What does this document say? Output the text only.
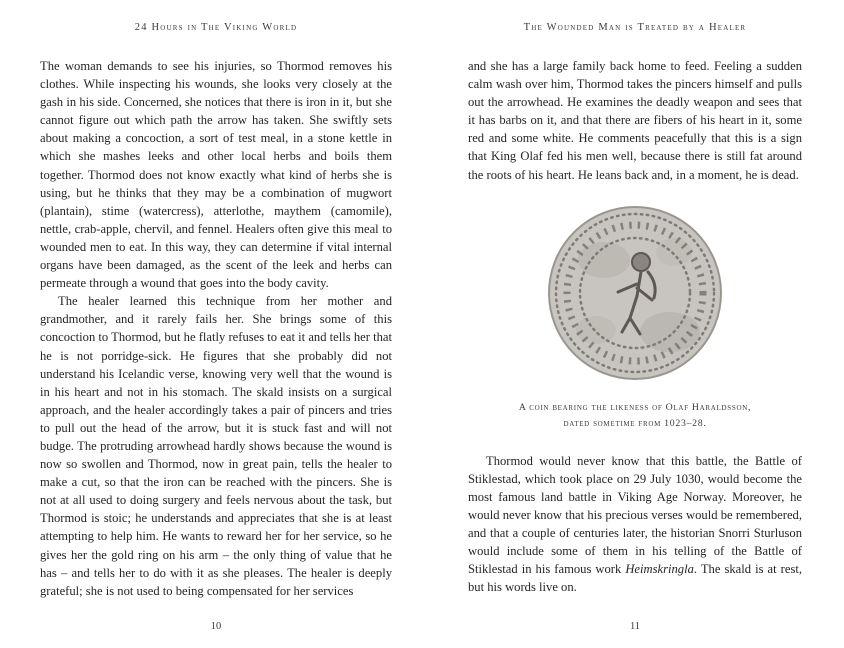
24 Hours in The Viking World

The woman demands to see his injuries, so Thormod removes his clothes. While inspecting his wounds, she looks very closely at the gash in his side. Concerned, she notices that there is iron in it, but she cannot figure out which path the arrow has taken. She swiftly sets about making a concoction, a sort of test meal, in a stone kettle in which she mashes leeks and other local herbs and boils them together. Thormod does not know exactly what kind of herbs she is using, but he thinks that they may be a combination of mugwort (plantain), stime (watercress), atterlothe, maythem (camomile), nettle, crab-apple, chervil, and fennel. Healers often give this meal to wounded men to eat. In this way, they can determine if vital internal organs have been damaged, as the scent of the leek and herbs can permeate through a wound that goes into the body cavity.

The healer learned this technique from her mother and grandmother, and it rarely fails her. She brings some of this concoction to Thormod, but he flatly refuses to eat it and tells her that he is not porridge-sick. He figures that she probably did not understand his Icelandic verse, knowing very well that the wound is in his heart and not in his stomach. The skald insists on a surgical approach, and the healer accordingly takes a pair of pincers and tries to pull out the head of the arrow, but it is stuck fast and will not budge. The protruding arrowhead hardly shows because the wound is now so swollen and Thormod, now in great pain, tells the healer to make a cut, so that the iron can be reached with the pincers. She is not at all used to doing surgery and feels nervous about the task, but Thormod is stoic; he understands and appreciates that she is at least attempting to help him. He wants to reward her for her service, so he gives her the gold ring on his arm – the only thing of value that he has – and tells her to do with it as she pleases. The healer is deeply grateful; she is not used to being compensated for her services

10
The Wounded Man is Treated by a Healer

and she has a large family back home to feed. Feeling a sudden calm wash over him, Thormod takes the pincers himself and pulls out the arrowhead. He examines the deadly weapon and sees that it has barbs on it, and that there are fibers of his heart in it, some red and some white. He comments peacefully that this is a sign that King Olaf fed his men well, because there is still fat around the roots of his heart. He leans back and, in a moment, he is dead.

A coin bearing the likeness of Olaf Haraldsson, dated sometime from 1023–28.

Thormod would never know that this battle, the Battle of Stiklestad, which took place on 29 July 1030, would become the most famous land battle in Viking Age Norway. Moreover, he would never know that his precious verses would be remembered, and that a couple of centuries later, the historian Snorri Sturluson would include some of them in his telling of the Battle of Stiklestad in his famous work Heimskringla. The skald is at rest, but his words live on.

11
